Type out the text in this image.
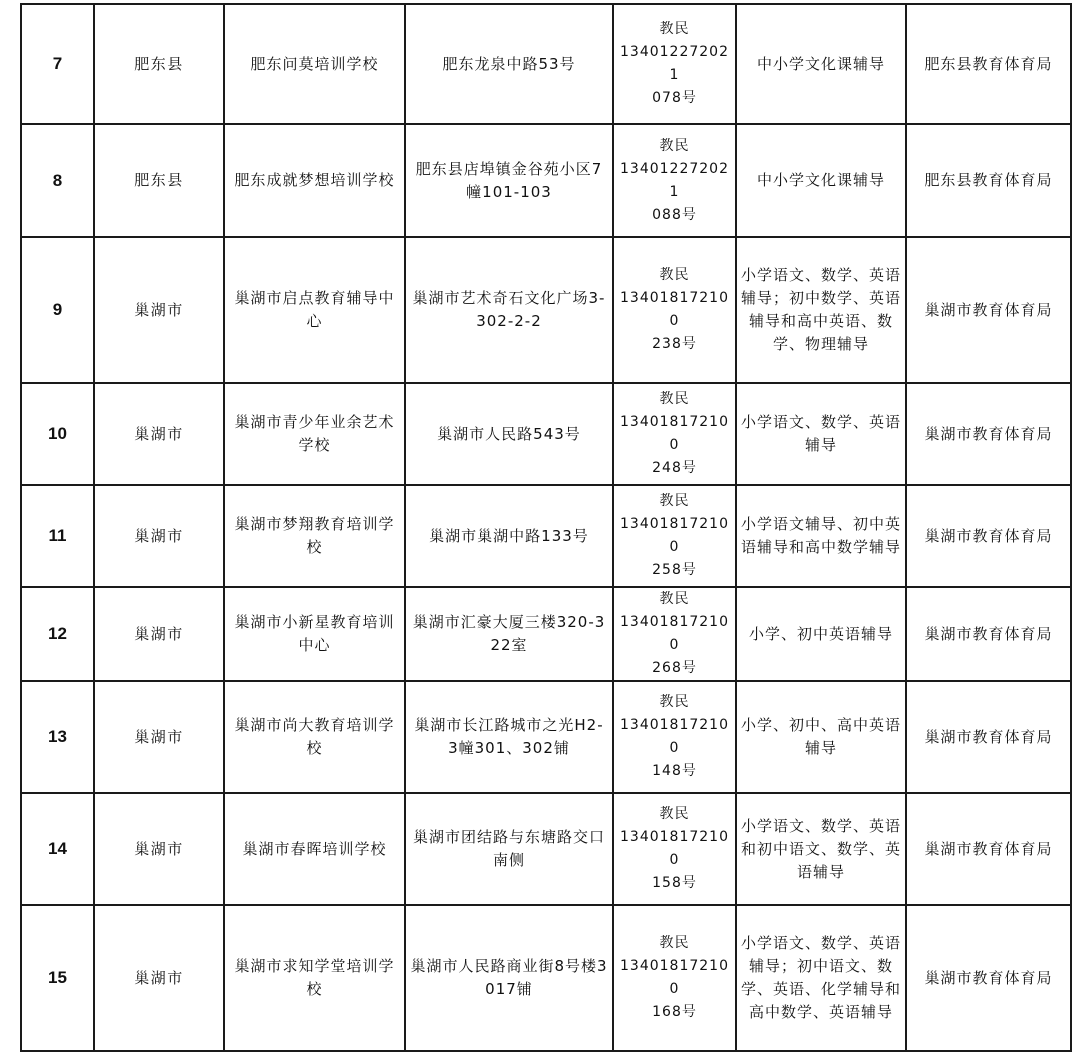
7	肥东县	肥东问莫培训学校	肥东龙泉中路53号	教民
134012272021
078号	中小学文化课辅导	肥东县教育体育局
8	肥东县	肥东成就梦想培训学校	肥东县店埠镇金谷苑小区7幢101-103	教民
134012272021
088号	中小学文化课辅导	肥东县教育体育局
9	巢湖市	巢湖市启点教育辅导中心	巢湖市艺术奇石文化广场3-302-2-2	教民
134018172100
238号	小学语文、数学、英语辅导；初中数学、英语辅导和高中英语、数学、物理辅导	巢湖市教育体育局
10	巢湖市	巢湖市青少年业余艺术学校	巢湖市人民路543号	教民
134018172100
248号	小学语文、数学、英语辅导	巢湖市教育体育局
11	巢湖市	巢湖市梦翔教育培训学校	巢湖市巢湖中路133号	教民
134018172100
258号	小学语文辅导、初中英语辅导和高中数学辅导	巢湖市教育体育局
12	巢湖市	巢湖市小新星教育培训中心	巢湖市汇豪大厦三楼320-322室	教民
134018172100
268号	小学、初中英语辅导	巢湖市教育体育局
13	巢湖市	巢湖市尚大教育培训学校	巢湖市长江路城市之光H2-3幢301、302铺	教民
134018172100
148号	小学、初中、高中英语辅导	巢湖市教育体育局
14	巢湖市	巢湖市春晖培训学校	巢湖市团结路与东塘路交口南侧	教民
134018172100
158号	小学语文、数学、英语和初中语文、数学、英语辅导	巢湖市教育体育局
15	巢湖市	巢湖市求知学堂培训学校	巢湖市人民路商业街8号楼3017铺	教民
134018172100
168号	小学语文、数学、英语辅导；初中语文、数学、英语、化学辅导和高中数学、英语辅导	巢湖市教育体育局
